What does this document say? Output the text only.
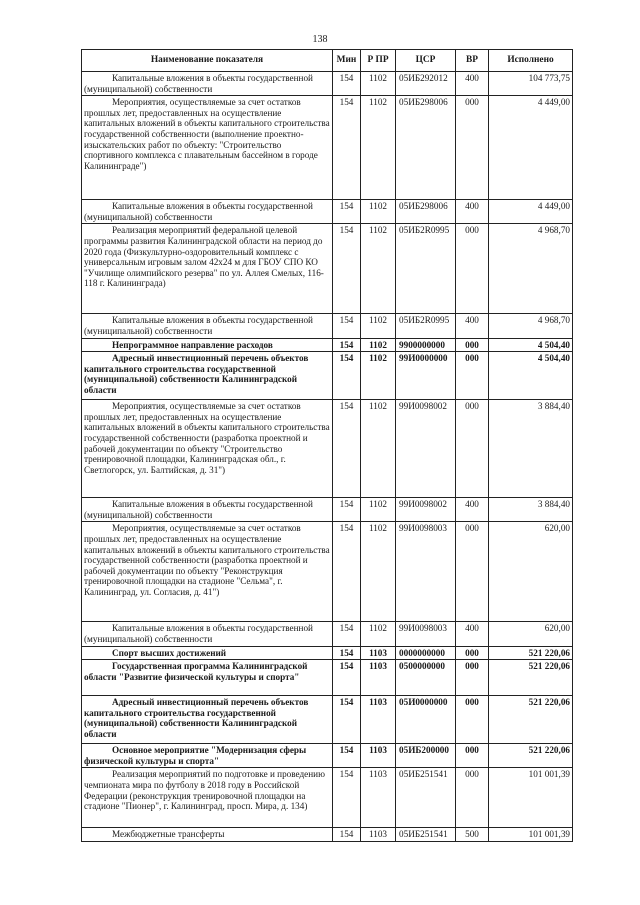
138
Наименование показателя	Мин	Р ПР	ЦСР	ВР	Исполнено

Капитальные вложения в объекты государственной (муниципальной) собственности	154	1102	05ИБ292012	400	104 773,75

Мероприятия, осуществляемые за счет остатков прошлых лет, предоставленных на осуществление капитальных вложений в объекты капитального строительства государственной собственности (выполнение проектно-изыскательских работ по объекту: "Строительство спортивного комплекса с плавательным бассейном в городе Калининграде")	154	1102	05ИБ298006	000	4 449,00

Капитальные вложения в объекты государственной (муниципальной) собственности	154	1102	05ИБ298006	400	4 449,00

Реализация мероприятий федеральной целевой программы развития Калининградской области на период до 2020 года (Физкультурно-оздоровительный комплекс с универсальным игровым залом 42х24 м для ГБОУ СПО КО "Училище олимпийского резерва" по ул. Аллея Смелых, 116-118 г. Калининграда)	154	1102	05ИБ2R0995	000	4 968,70

Капитальные вложения в объекты государственной (муниципальной) собственности	154	1102	05ИБ2R0995	400	4 968,70

Непрограммное направление расходов	154	1102	9900000000	000	4 504,40

Адресный инвестиционный перечень объектов капитального строительства государственной (муниципальной) собственности Калининградской области	154	1102	99И0000000	000	4 504,40

Мероприятия, осуществляемые за счет остатков прошлых лет, предоставленных на осуществление капитальных вложений в объекты капитального строительства государственной собственности (разработка проектной и рабочей документации по объекту "Строительство тренировочной площадки, Калининградская обл., г. Светлогорск, ул. Балтийская, д. 31")	154	1102	99И0098002	000	3 884,40

Капитальные вложения в объекты государственной (муниципальной) собственности	154	1102	99И0098002	400	3 884,40

Мероприятия, осуществляемые за счет остатков прошлых лет, предоставленных на осуществление капитальных вложений в объекты капитального строительства государственной собственности (разработка проектной и рабочей документации по объекту "Реконструкция тренировочной площадки на стадионе "Сельма", г. Калининград, ул. Согласия, д. 41")	154	1102	99И0098003	000	620,00

Капитальные вложения в объекты государственной (муниципальной) собственности	154	1102	99И0098003	400	620,00

Спорт высших достижений	154	1103	0000000000	000	521 220,06

Государственная программа Калининградской области "Развитие физической культуры и спорта"	154	1103	0500000000	000	521 220,06

Адресный инвестиционный перечень объектов капитального строительства государственной (муниципальной) собственности Калининградской области	154	1103	05И0000000	000	521 220,06

Основное мероприятие "Модернизация сферы физической культуры и спорта"	154	1103	05ИБ200000	000	521 220,06

Реализация мероприятий по подготовке и проведению чемпионата мира по футболу в 2018 году в Российской Федерации (реконструкция тренировочной площадки на стадионе "Пионер", г. Калининград, просп. Мира, д. 134)	154	1103	05ИБ251541	000	101 001,39

Межбюджетные трансферты	154	1103	05ИБ251541	500	101 001,39
